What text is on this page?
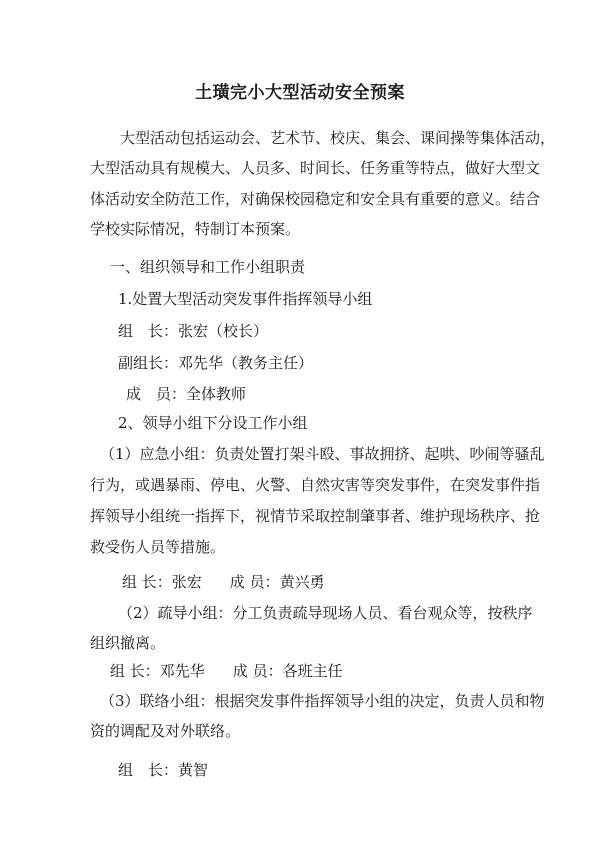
土璜完小大型活动安全预案
大型活动包括运动会、艺术节、校庆、集会、课间操等集体活动，
大型活动具有规模大、人员多、时间长、任务重等特点，做好大型文
体活动安全防范工作，对确保校园稳定和安全具有重要的意义。结合
学校实际情况，特制订本预案。
一、组织领导和工作小组职责
1.处置大型活动突发事件指挥领导小组
组　长：张宏（校长）
副组长：邓先华（教务主任）
成　员：全体教师
2、领导小组下分设工作小组
（1）应急小组：负责处置打架斗殴、事故拥挤、起哄、吵闹等骚乱
行为，或遇暴雨、停电、火警、自然灾害等突发事件，在突发事件指
挥领导小组统一指挥下，视情节采取控制肇事者、维护现场秩序、抢
救受伤人员等措施。
组 长：张宏 成 员：黄兴勇
（2）疏导小组：分工负责疏导现场人员、看台观众等，按秩序
组织撤离。
组 长：邓先华 成 员：各班主任
（3）联络小组：根据突发事件指挥领导小组的决定，负责人员和物
资的调配及对外联络。
组　长：黄智
